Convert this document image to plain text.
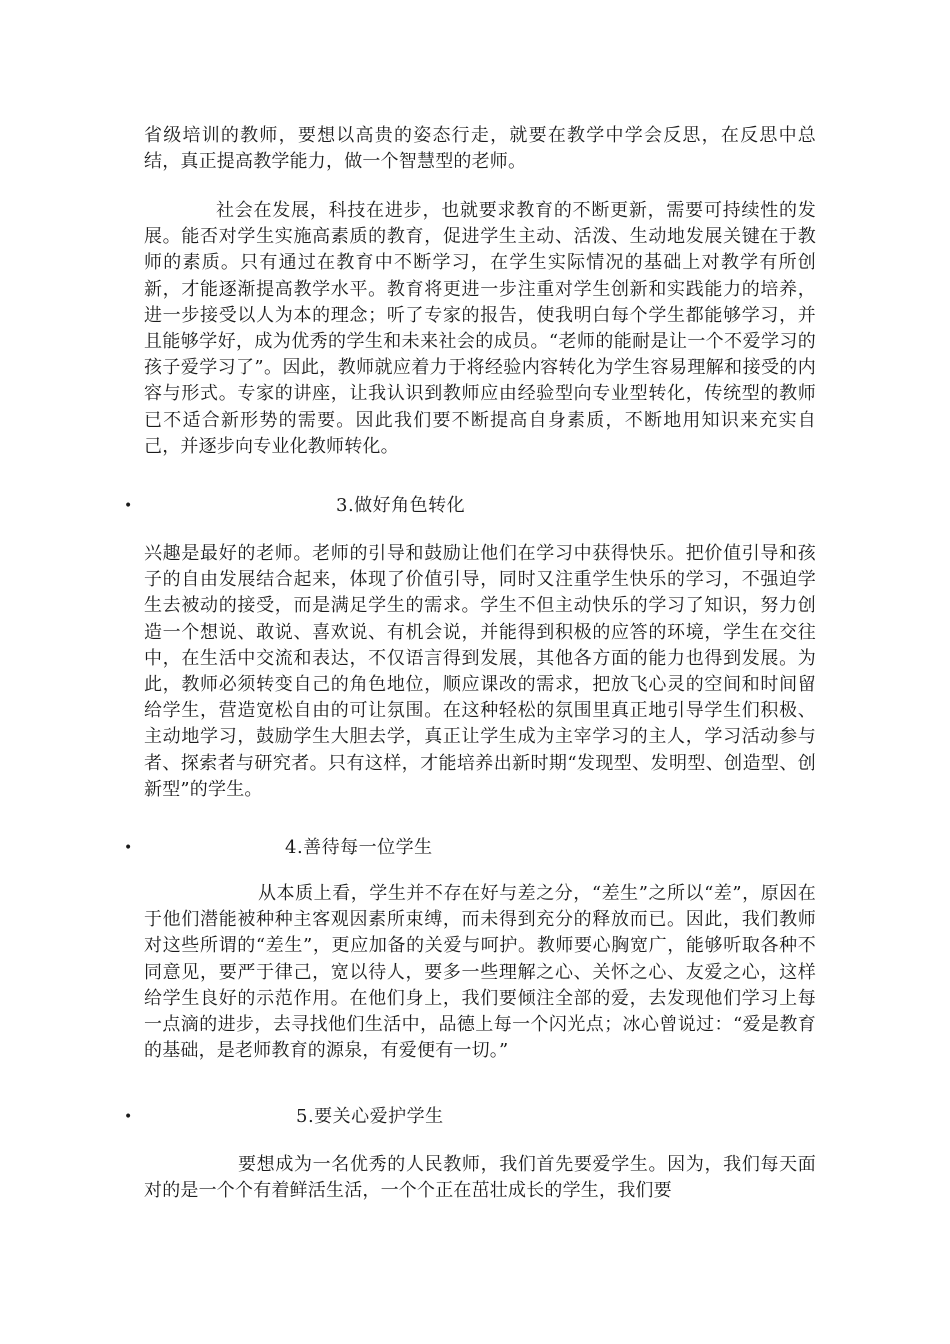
省级培训的教师，要想以高贵的姿态行走，就要在教学中学会反思，在反思中总结，真正提高教学能力，做一个智慧型的老师。

社会在发展，科技在进步，也就要求教育的不断更新，需要可持续性的发展。能否对学生实施高素质的教育，促进学生主动、活泼、生动地发展关键在于教师的素质。只有通过在教育中不断学习，在学生实际情况的基础上对教学有所创新，才能逐渐提高教学水平。教育将更进一步注重对学生创新和实践能力的培养，进一步接受以人为本的理念；听了专家的报告，使我明白每个学生都能够学习，并且能够学好，成为优秀的学生和未来社会的成员。“老师的能耐是让一个不爱学习的孩子爱学习了”。因此，教师就应着力于将经验内容转化为学生容易理解和接受的内容与形式。专家的讲座，让我认识到教师应由经验型向专业型转化，传统型的教师已不适合新形势的需要。因此我们要不断提高自身素质，不断地用知识来充实自己，并逐步向专业化教师转化。

•	3.做好角色转化

兴趣是最好的老师。老师的引导和鼓励让他们在学习中获得快乐。把价值引导和孩子的自由发展结合起来，体现了价值引导，同时又注重学生快乐的学习，不强迫学生去被动的接受，而是满足学生的需求。学生不但主动快乐的学习了知识，努力创造一个想说、敢说、喜欢说、有机会说，并能得到积极的应答的环境，学生在交往中，在生活中交流和表达，不仅语言得到发展，其他各方面的能力也得到发展。为此，教师必须转变自己的角色地位，顺应课改的需求，把放飞心灵的空间和时间留给学生，营造宽松自由的可让氛围。在这种轻松的氛围里真正地引导学生们积极、主动地学习，鼓励学生大胆去学，真正让学生成为主宰学习的主人，学习活动参与者、探索者与研究者。只有这样，才能培养出新时期“发现型、发明型、创造型、创新型”的学生。

•	4.善待每一位学生

从本质上看，学生并不存在好与差之分，“差生”之所以“差”，原因在于他们潜能被种种主客观因素所束缚，而未得到充分的释放而已。因此，我们教师对这些所谓的“差生”，更应加备的关爱与呵护。教师要心胸宽广，能够听取各种不同意见，要严于律己，宽以待人，要多一些理解之心、关怀之心、友爱之心，这样给学生良好的示范作用。在他们身上，我们要倾注全部的爱，去发现他们学习上每一点滴的进步，去寻找他们生活中，品德上每一个闪光点；冰心曾说过：“爱是教育的基础，是老师教育的源泉，有爱便有一切。”

•	5.要关心爱护学生

要想成为一名优秀的人民教师，我们首先要爱学生。因为，我们每天面对的是一个个有着鲜活生活，一个个正在茁壮成长的学生，我们要
